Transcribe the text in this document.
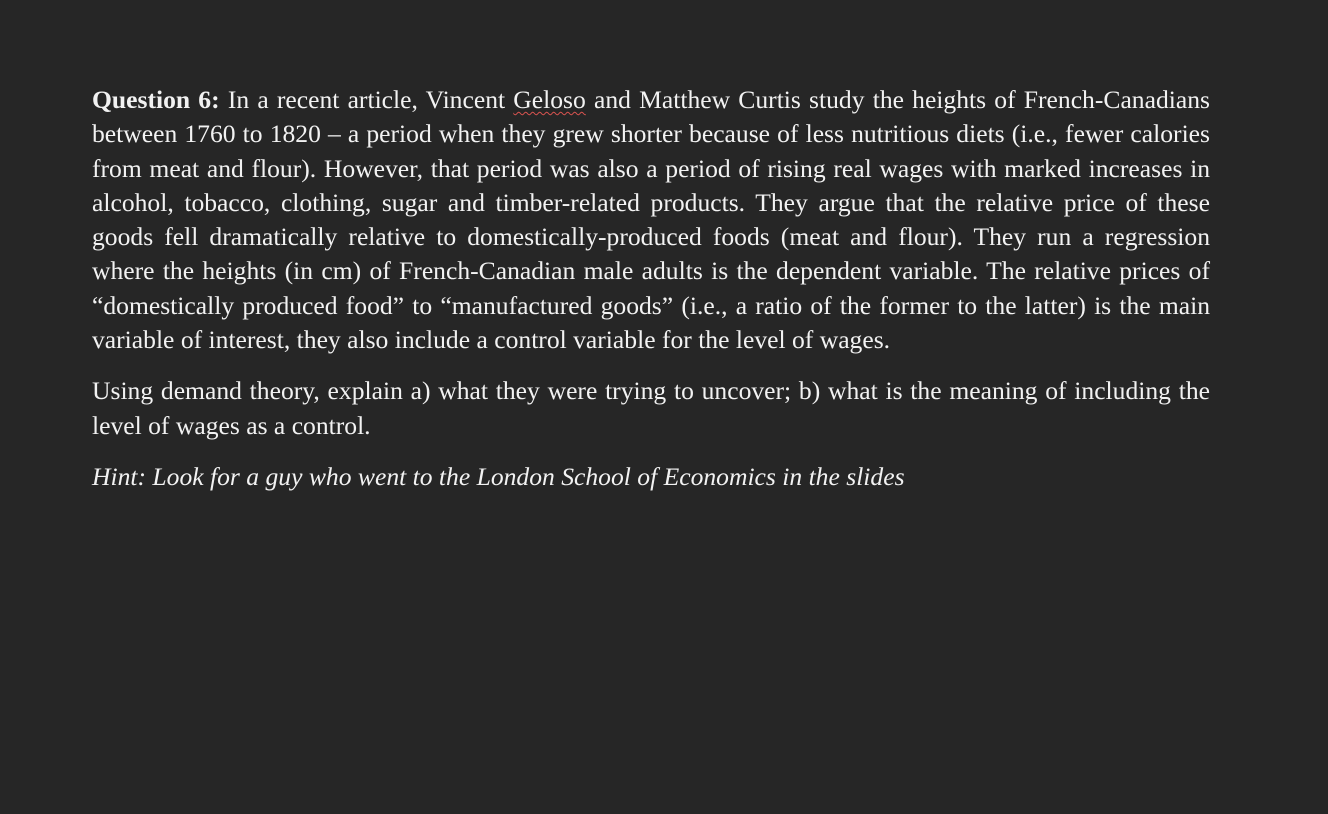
Question 6: In a recent article, Vincent Geloso and Matthew Curtis study the heights of French-Canadians between 1760 to 1820 – a period when they grew shorter because of less nutritious diets (i.e., fewer calories from meat and flour). However, that period was also a period of rising real wages with marked increases in alcohol, tobacco, clothing, sugar and timber-related products. They argue that the relative price of these goods fell dramatically relative to domestically-produced foods (meat and flour). They run a regression where the heights (in cm) of French-Canadian male adults is the dependent variable. The relative prices of “domestically produced food” to “manufactured goods” (i.e., a ratio of the former to the latter) is the main variable of interest, they also include a control variable for the level of wages.

Using demand theory, explain a) what they were trying to uncover; b) what is the meaning of including the level of wages as a control.

Hint: Look for a guy who went to the London School of Economics in the slides
